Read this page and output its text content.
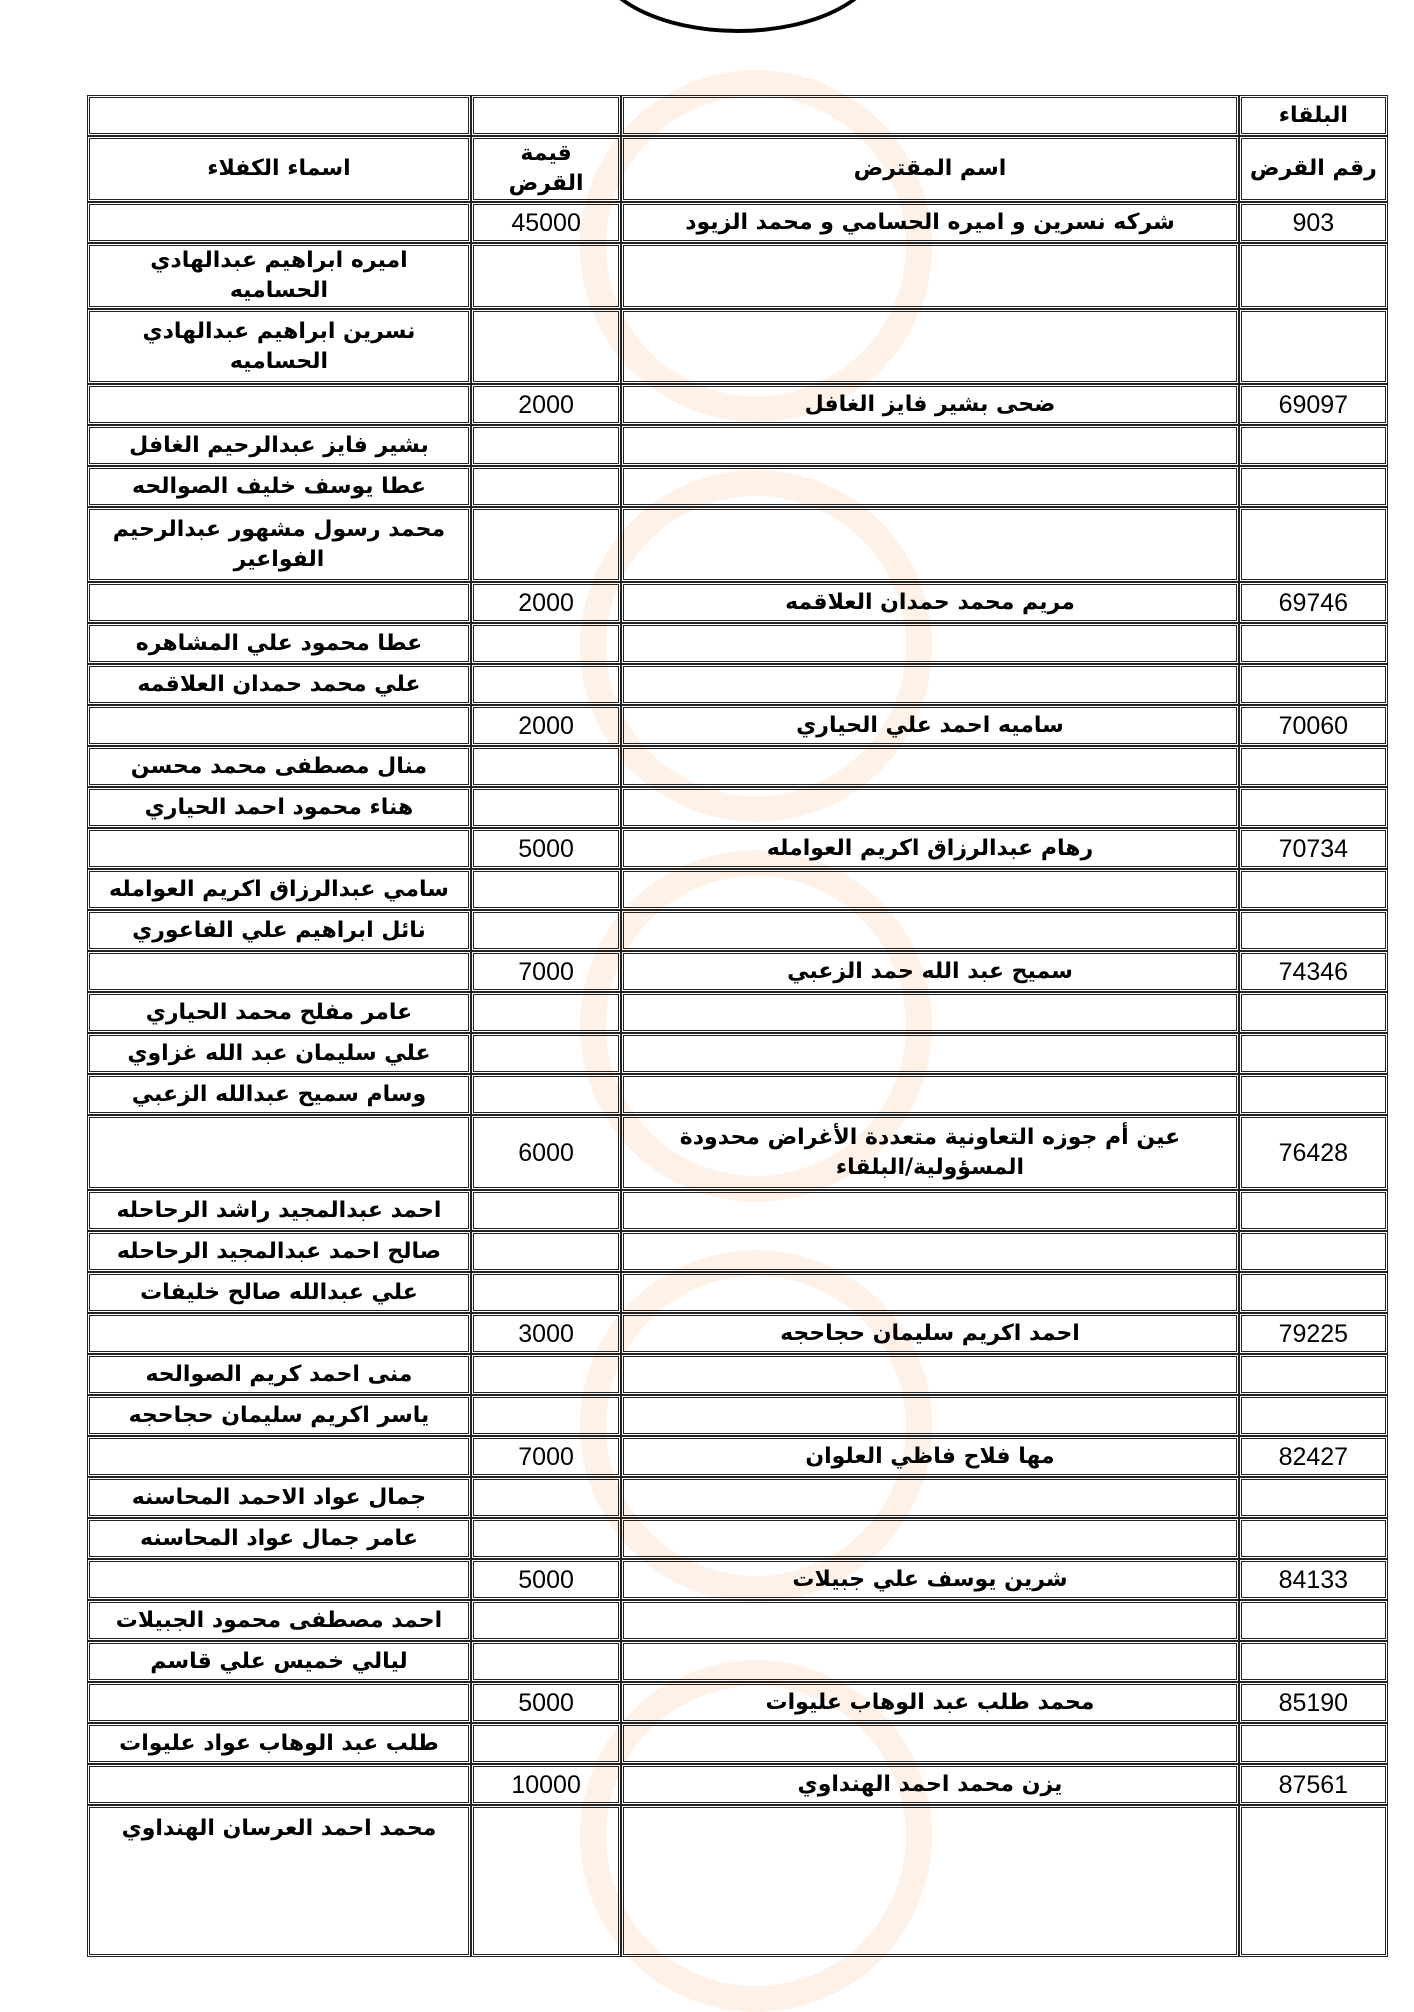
البلقاء			
رقم القرض	اسم المقترض	قيمة القرض	اسماء الكفلاء
903	شركه نسرين و اميره الحسامي و محمد الزيود	45000	
			اميره ابراهيم عبدالهادي الحساميه
			نسرين ابراهيم عبدالهادي الحساميه
69097	ضحى بشير فايز الغافل	2000	
			بشير فايز عبدالرحيم الغافل
			عطا يوسف خليف الصوالحه
			محمد رسول مشهور عبدالرحيم الفواعير
69746	مريم محمد حمدان العلاقمه	2000	
			عطا محمود علي المشاهره
			علي محمد حمدان العلاقمه
70060	ساميه احمد علي الحياري	2000	
			منال مصطفى محمد محسن
			هناء محمود احمد الحياري
70734	رهام عبدالرزاق اكريم العوامله	5000	
			سامي عبدالرزاق اكريم العوامله
			نائل ابراهيم علي الفاعوري
74346	سميح عبد الله حمد الزعبي	7000	
			عامر مفلح محمد الحياري
			علي سليمان عبد الله غزاوي
			وسام سميح عبدالله الزعبي
76428	عين أم جوزه التعاونية متعددة الأغراض محدودة المسؤولية/البلقاء	6000	
			احمد عبدالمجيد راشد الرحاحله
			صالح احمد عبدالمجيد الرحاحله
			علي عبدالله صالح خليفات
79225	احمد اكريم سليمان حجاحجه	3000	
			منى احمد كريم الصوالحه
			ياسر اكريم سليمان حجاحجه
82427	مها فلاح فاظي العلوان	7000	
			جمال عواد الاحمد المحاسنه
			عامر جمال عواد المحاسنه
84133	شرين يوسف علي جبيلات	5000	
			احمد مصطفى محمود الجبيلات
			ليالي خميس علي قاسم
85190	محمد طلب عبد الوهاب عليوات	5000	
			طلب عبد الوهاب عواد عليوات
87561	يزن محمد احمد الهنداوي	10000	
			محمد احمد العرسان الهنداوي
